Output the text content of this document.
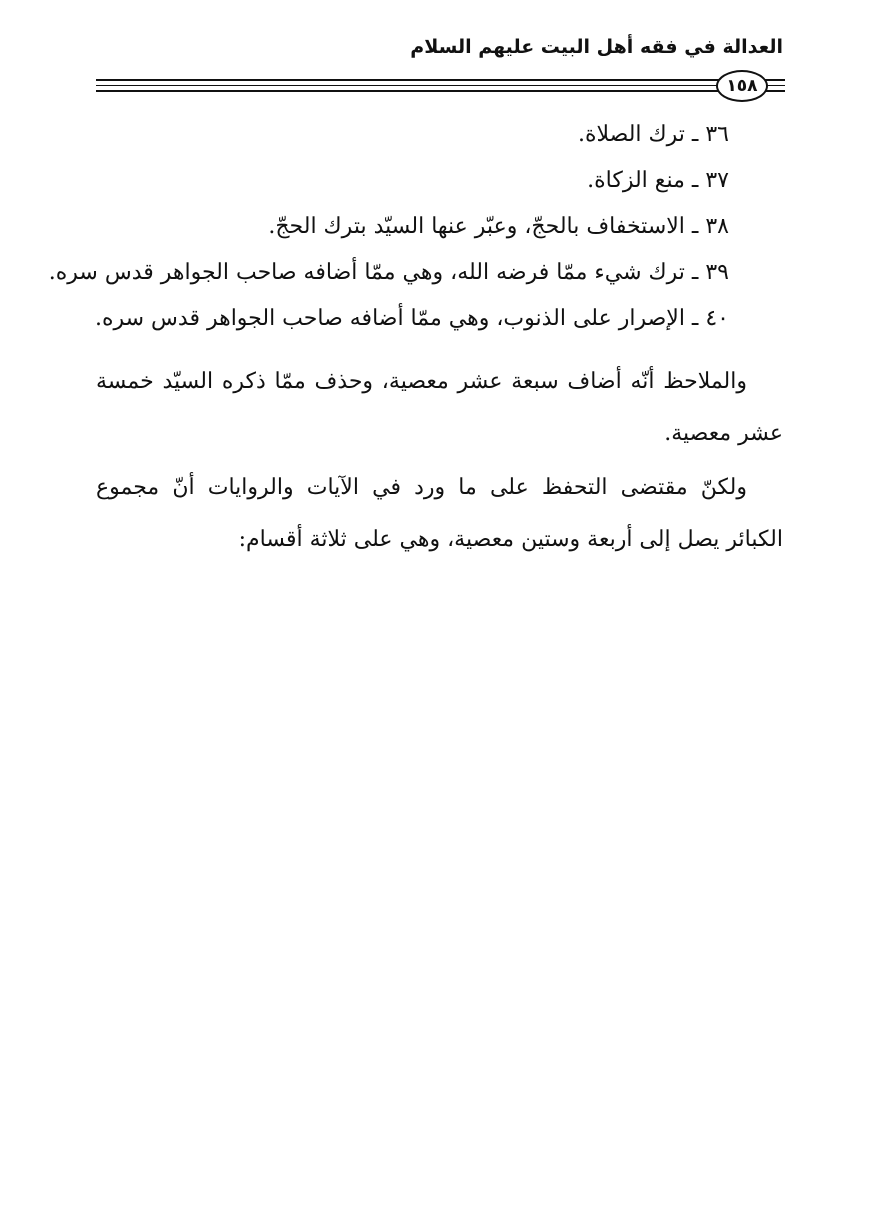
العدالة في فقه أهل البيت عليهم السلام
١٥٨
٣٦ ـ ترك الصلاة.
٣٧ ـ منع الزكاة.
٣٨ ـ الاستخفاف بالحجّ، وعبّر عنها السيّد بترك الحجّ.
٣٩ ـ ترك شيء ممّا فرضه الله، وهي ممّا أضافه صاحب الجواهر قدس سره.
٤٠ ـ الإصرار على الذنوب، وهي ممّا أضافه صاحب الجواهر قدس سره.

والملاحظ أنّه أضاف سبعة عشر معصية، وحذف ممّا ذكره السيّد خمسة عشر معصية.

ولكنّ مقتضى التحفظ على ما ورد في الآيات والروايات أنّ مجموع الكبائر يصل إلى أربعة وستين معصية، وهي على ثلاثة أقسام:
